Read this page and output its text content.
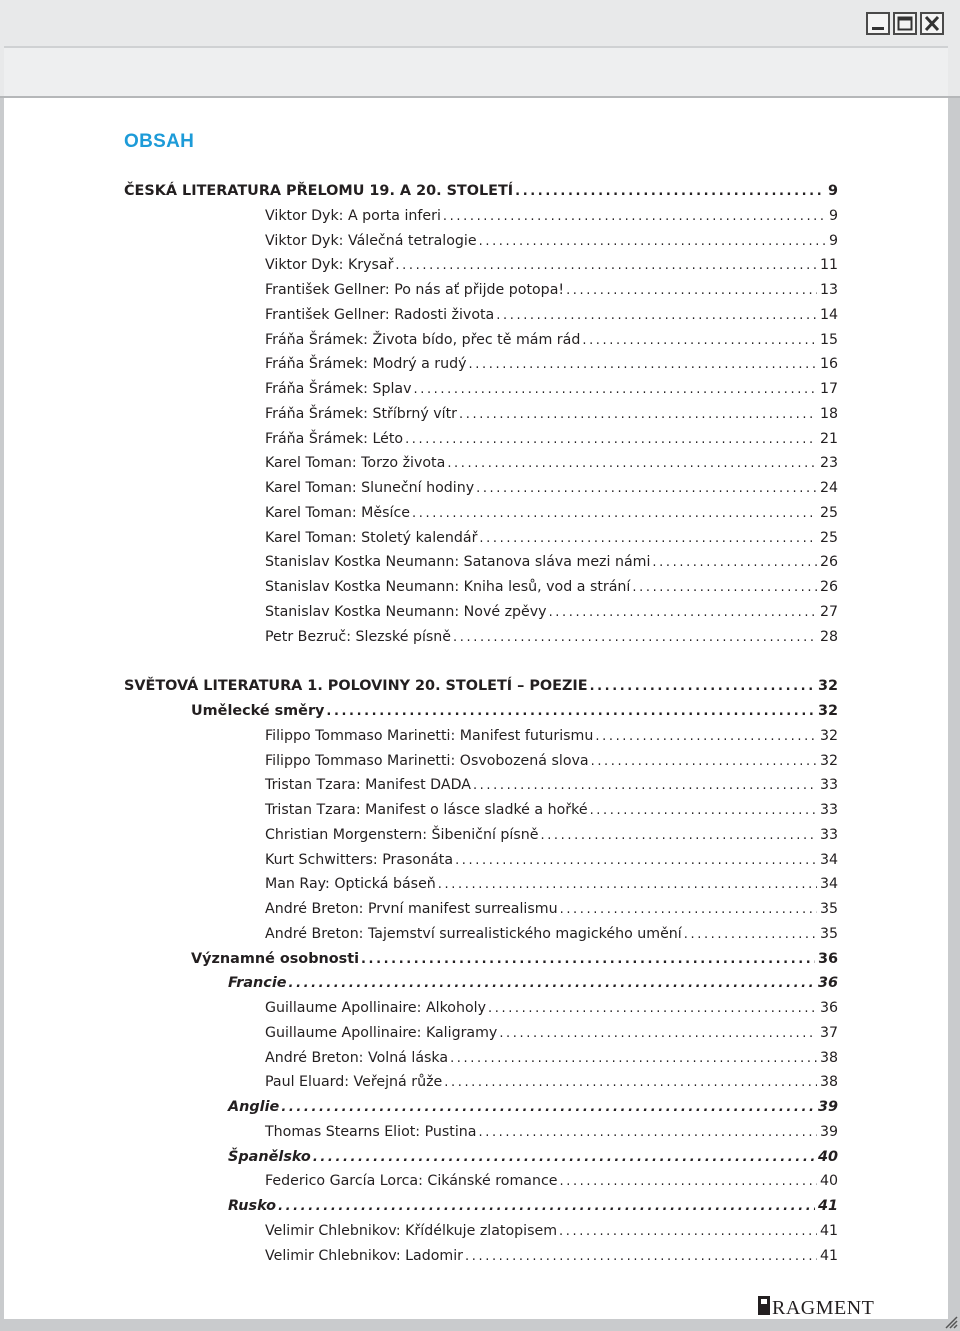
OBSAH
ČESKÁ LITERATURA PŘELOMU 19. A 20. STOLETÍ .....	9
Viktor Dyk: A porta inferi .....	9
Viktor Dyk: Válečná tetralogie .....	9
Viktor Dyk: Krysař .....	11
František Gellner: Po nás ať přijde potopa! .....	13
František Gellner: Radosti života .....	14
Fráňa Šrámek: Života bído, přec tě mám rád .....	15
Fráňa Šrámek: Modrý a rudý .....	16
Fráňa Šrámek: Splav .....	17
Fráňa Šrámek: Stříbrný vítr .....	18
Fráňa Šrámek: Léto .....	21
Karel Toman: Torzo života .....	23
Karel Toman: Sluneční hodiny .....	24
Karel Toman: Měsíce .....	25
Karel Toman: Stoletý kalendář .....	25
Stanislav Kostka Neumann: Satanova sláva mezi námi .....	26
Stanislav Kostka Neumann: Kniha lesů, vod a strání .....	26
Stanislav Kostka Neumann: Nové zpěvy .....	27
Petr Bezruč: Slezské písně .....	28
SVĚTOVÁ LITERATURA 1. POLOVINY 20. STOLETÍ – POEZIE .....	32
Umělecké směry .....	32
Filippo Tommaso Marinetti: Manifest futurismu .....	32
Filippo Tommaso Marinetti: Osvobozená slova .....	32
Tristan Tzara: Manifest DADA .....	33
Tristan Tzara: Manifest o lásce sladké a hořké .....	33
Christian Morgenstern: Šibeniční písně .....	33
Kurt Schwitters: Prasonáta .....	34
Man Ray: Optická báseň .....	34
André Breton: První manifest surrealismu .....	35
André Breton: Tajemství surrealistického magického umění .....	35
Významné osobnosti .....	36
Francie .....	36
Guillaume Apollinaire: Alkoholy .....	36
Guillaume Apollinaire: Kaligramy .....	37
André Breton: Volná láska .....	38
Paul Eluard: Veřejná růže .....	38
Anglie .....	39
Thomas Stearns Eliot: Pustina .....	39
Španělsko .....	40
Federico García Lorca: Cikánské romance .....	40
Rusko .....	41
Velimir Chlebnikov: Křídélkuje zlatopisem .....	41
Velimir Chlebnikov: Ladomir .....	41
RAGMENT
